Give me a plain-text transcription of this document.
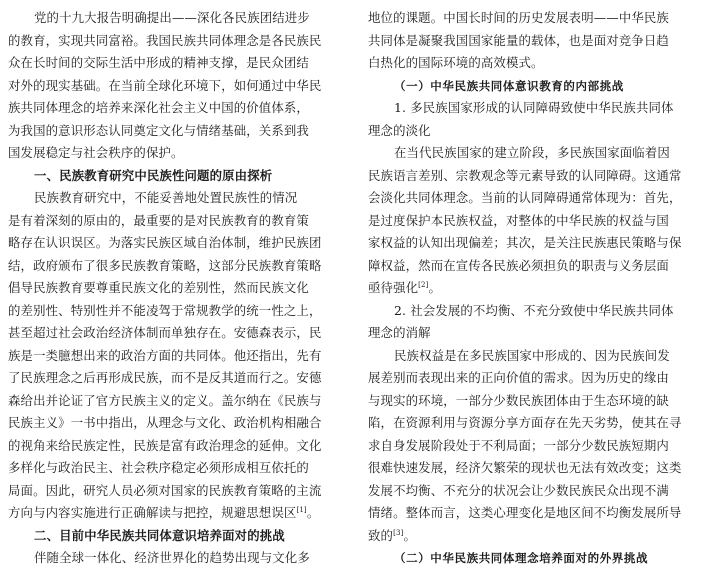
党的十九大报告明确提出——深化各民族团结进步
的教育，实现共同富裕。我国民族共同体理念是各民族民
众在长时间的交际生活中形成的精神支撑，是民众团结
对外的现实基础。在当前全球化环境下，如何通过中华民
族共同体理念的培养来深化社会主义中国的价值体系，
为我国的意识形态认同奠定文化与情绪基础，关系到我
国发展稳定与社会秩序的保护。
一、民族教育研究中民族性问题的原由探析
民族教育研究中，不能妥善地处置民族性的情况
是有着深刻的原由的，最重要的是对民族教育的教育策
略存在认识误区。为落实民族区域自治体制，维护民族团
结，政府颁布了很多民族教育策略，这部分民族教育策略
倡导民族教育要尊重民族文化的差别性，然而民族文化
的差别性、特别性并不能凌驾于常规教学的统一性之上，
甚至超过社会政治经济体制而单独存在。安德森表示，民
族是一类臆想出来的政治方面的共同体。他还指出，先有
了民族理念之后再形成民族，而不是反其道而行之。安德
森给出并论证了官方民族主义的定义。盖尔纳在《民族与
民族主义》一书中指出，从理念与文化、政治机构相融合
的视角来给民族定性，民族是富有政治理念的延伸。文化
多样化与政治民主、社会秩序稳定必须形成相互依托的
局面。因此，研究人员必须对国家的民族教育策略的主流
方向与内容实施进行正确解读与把控，规避思想误区[1]。
二、目前中华民族共同体意识培养面对的挑战
伴随全球一体化、经济世界化的趋势出现与文化多
地位的课题。中国长时间的历史发展表明——中华民族
共同体是凝聚我国国家能量的载体，也是面对竞争日趋
白热化的国际环境的高效模式。
（一）中华民族共同体意识教育的内部挑战
1. 多民族国家形成的认同障碍致使中华民族共同体
理念的淡化
在当代民族国家的建立阶段，多民族国家面临着因
民族语言差别、宗教观念等元素导致的认同障碍。这通常
会淡化共同体理念。当前的认同障碍通常体现为：首先，
是过度保护本民族权益，对整体的中华民族的权益与国
家权益的认知出现偏差；其次，是关注民族惠民策略与保
障权益，然而在宣传各民族必须担负的职责与义务层面
亟待强化[2]。
2. 社会发展的不均衡、不充分致使中华民族共同体
理念的消解
民族权益是在多民族国家中形成的、因为民族间发
展差别而表现出来的正向价值的需求。因为历史的缘由
与现实的环境，一部分少数民族团体由于生态环境的缺
陷，在资源利用与资源分享方面存在先天劣势，使其在寻
求自身发展阶段处于不利局面；一部分少数民族短期内
很难快速发展，经济欠繁荣的现状也无法有效改变；这类
发展不均衡、不充分的状况会让少数民族民众出现不满
情绪。整体而言，这类心理变化是地区间不均衡发展所导
致的[3]。
（二）中华民族共同体理念培养面对的外界挑战
